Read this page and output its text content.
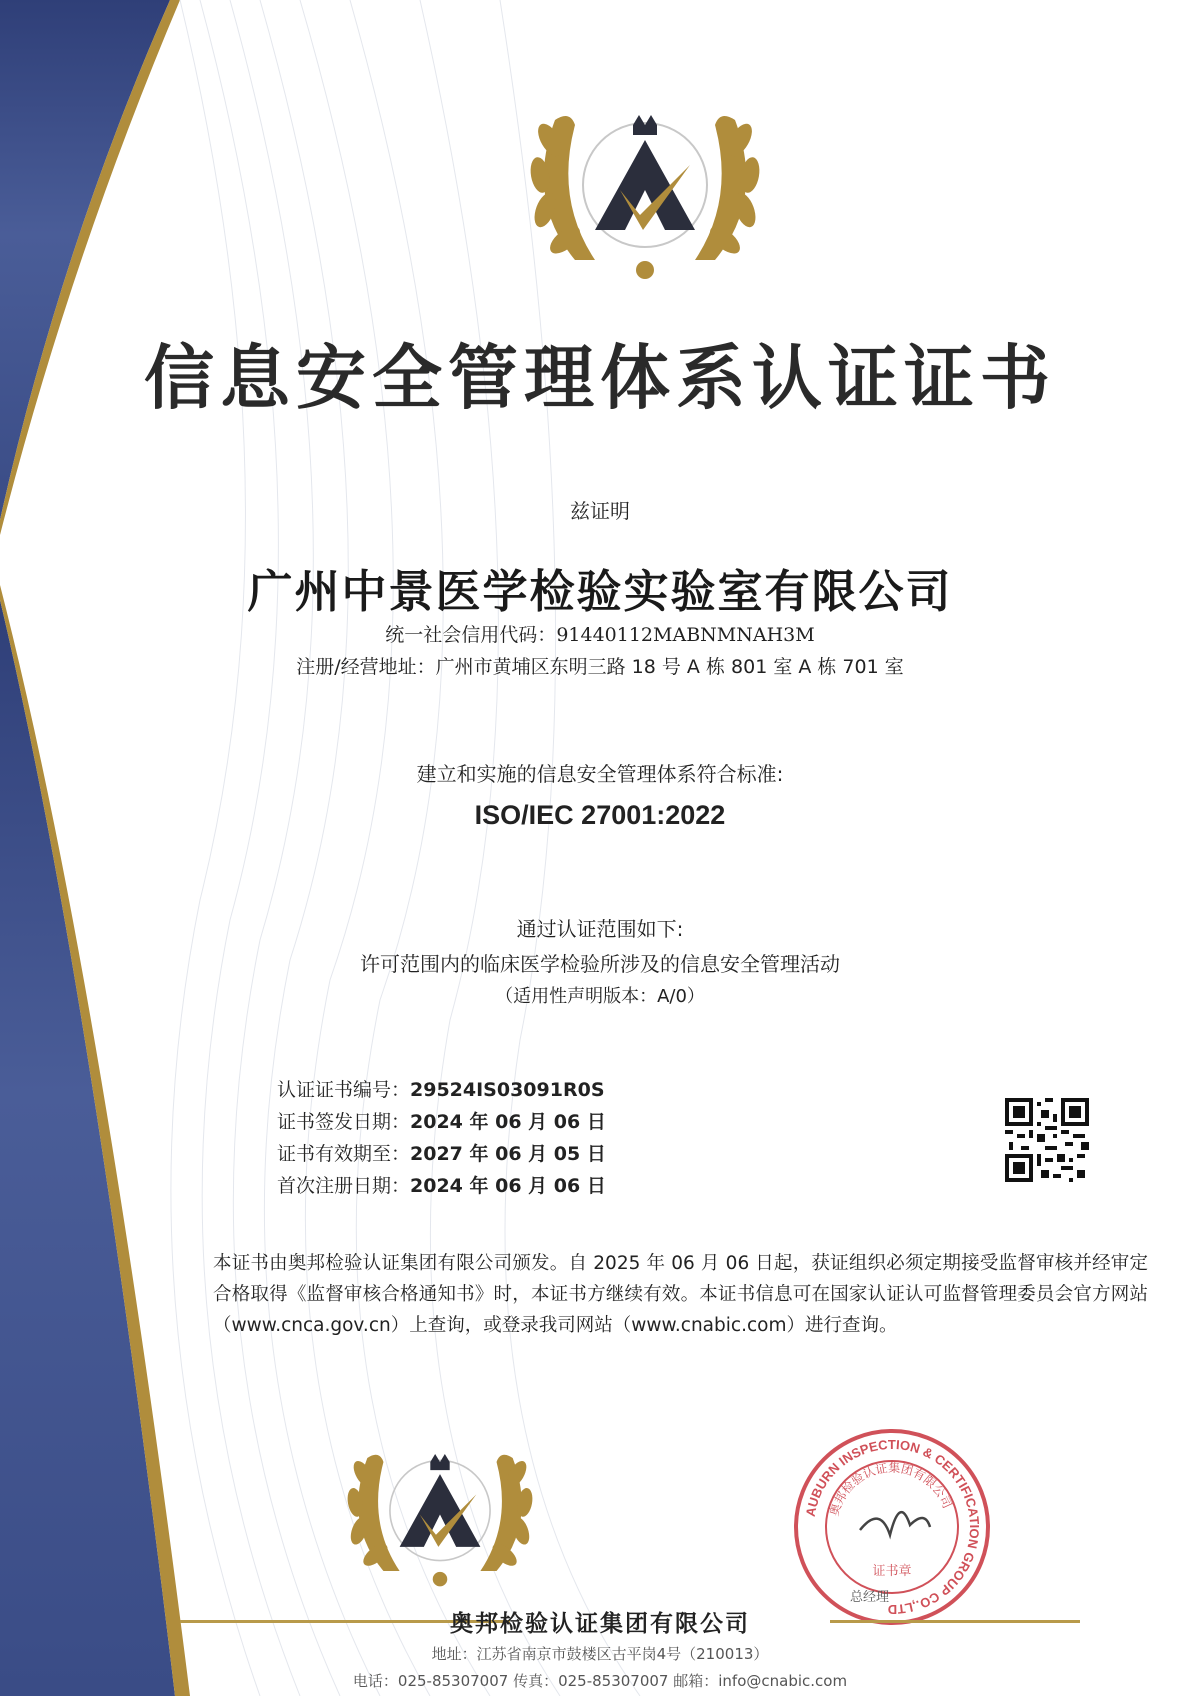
信息安全管理体系认证证书
兹证明
广州中景医学检验实验室有限公司
统一社会信用代码：91440112MABNMNAH3M
注册/经营地址：广州市黄埔区东明三路 18 号 A 栋 801 室 A 栋 701 室
建立和实施的信息安全管理体系符合标准:
ISO/IEC 27001:2022
通过认证范围如下:
许可范围内的临床医学检验所涉及的信息安全管理活动
（适用性声明版本：A/0）
认证证书编号：29524IS03091R0S
证书签发日期：2024 年 06 月 06 日
证书有效期至：2027 年 06 月 05 日
首次注册日期：2024 年 06 月 06 日
本证书由奥邦检验认证集团有限公司颁发。自 2025 年 06 月 06 日起，获证组织必须定期接受监督审核并经审定合格取得《监督审核合格通知书》时，本证书方继续有效。本证书信息可在国家认证认可监督管理委员会官方网站（www.cnca.gov.cn）上查询，或登录我司网站（www.cnabic.com）进行查询。
AUBURN INSPECTION & CERTIFICATION GROUP CO.,LTD
奥邦检验认证集团有限公司
证书章
总经理
奥邦检验认证集团有限公司
地址：江苏省南京市鼓楼区古平岗4号（210013）
电话：025-85307007 传真：025-85307007 邮箱：info@cnabic.com
